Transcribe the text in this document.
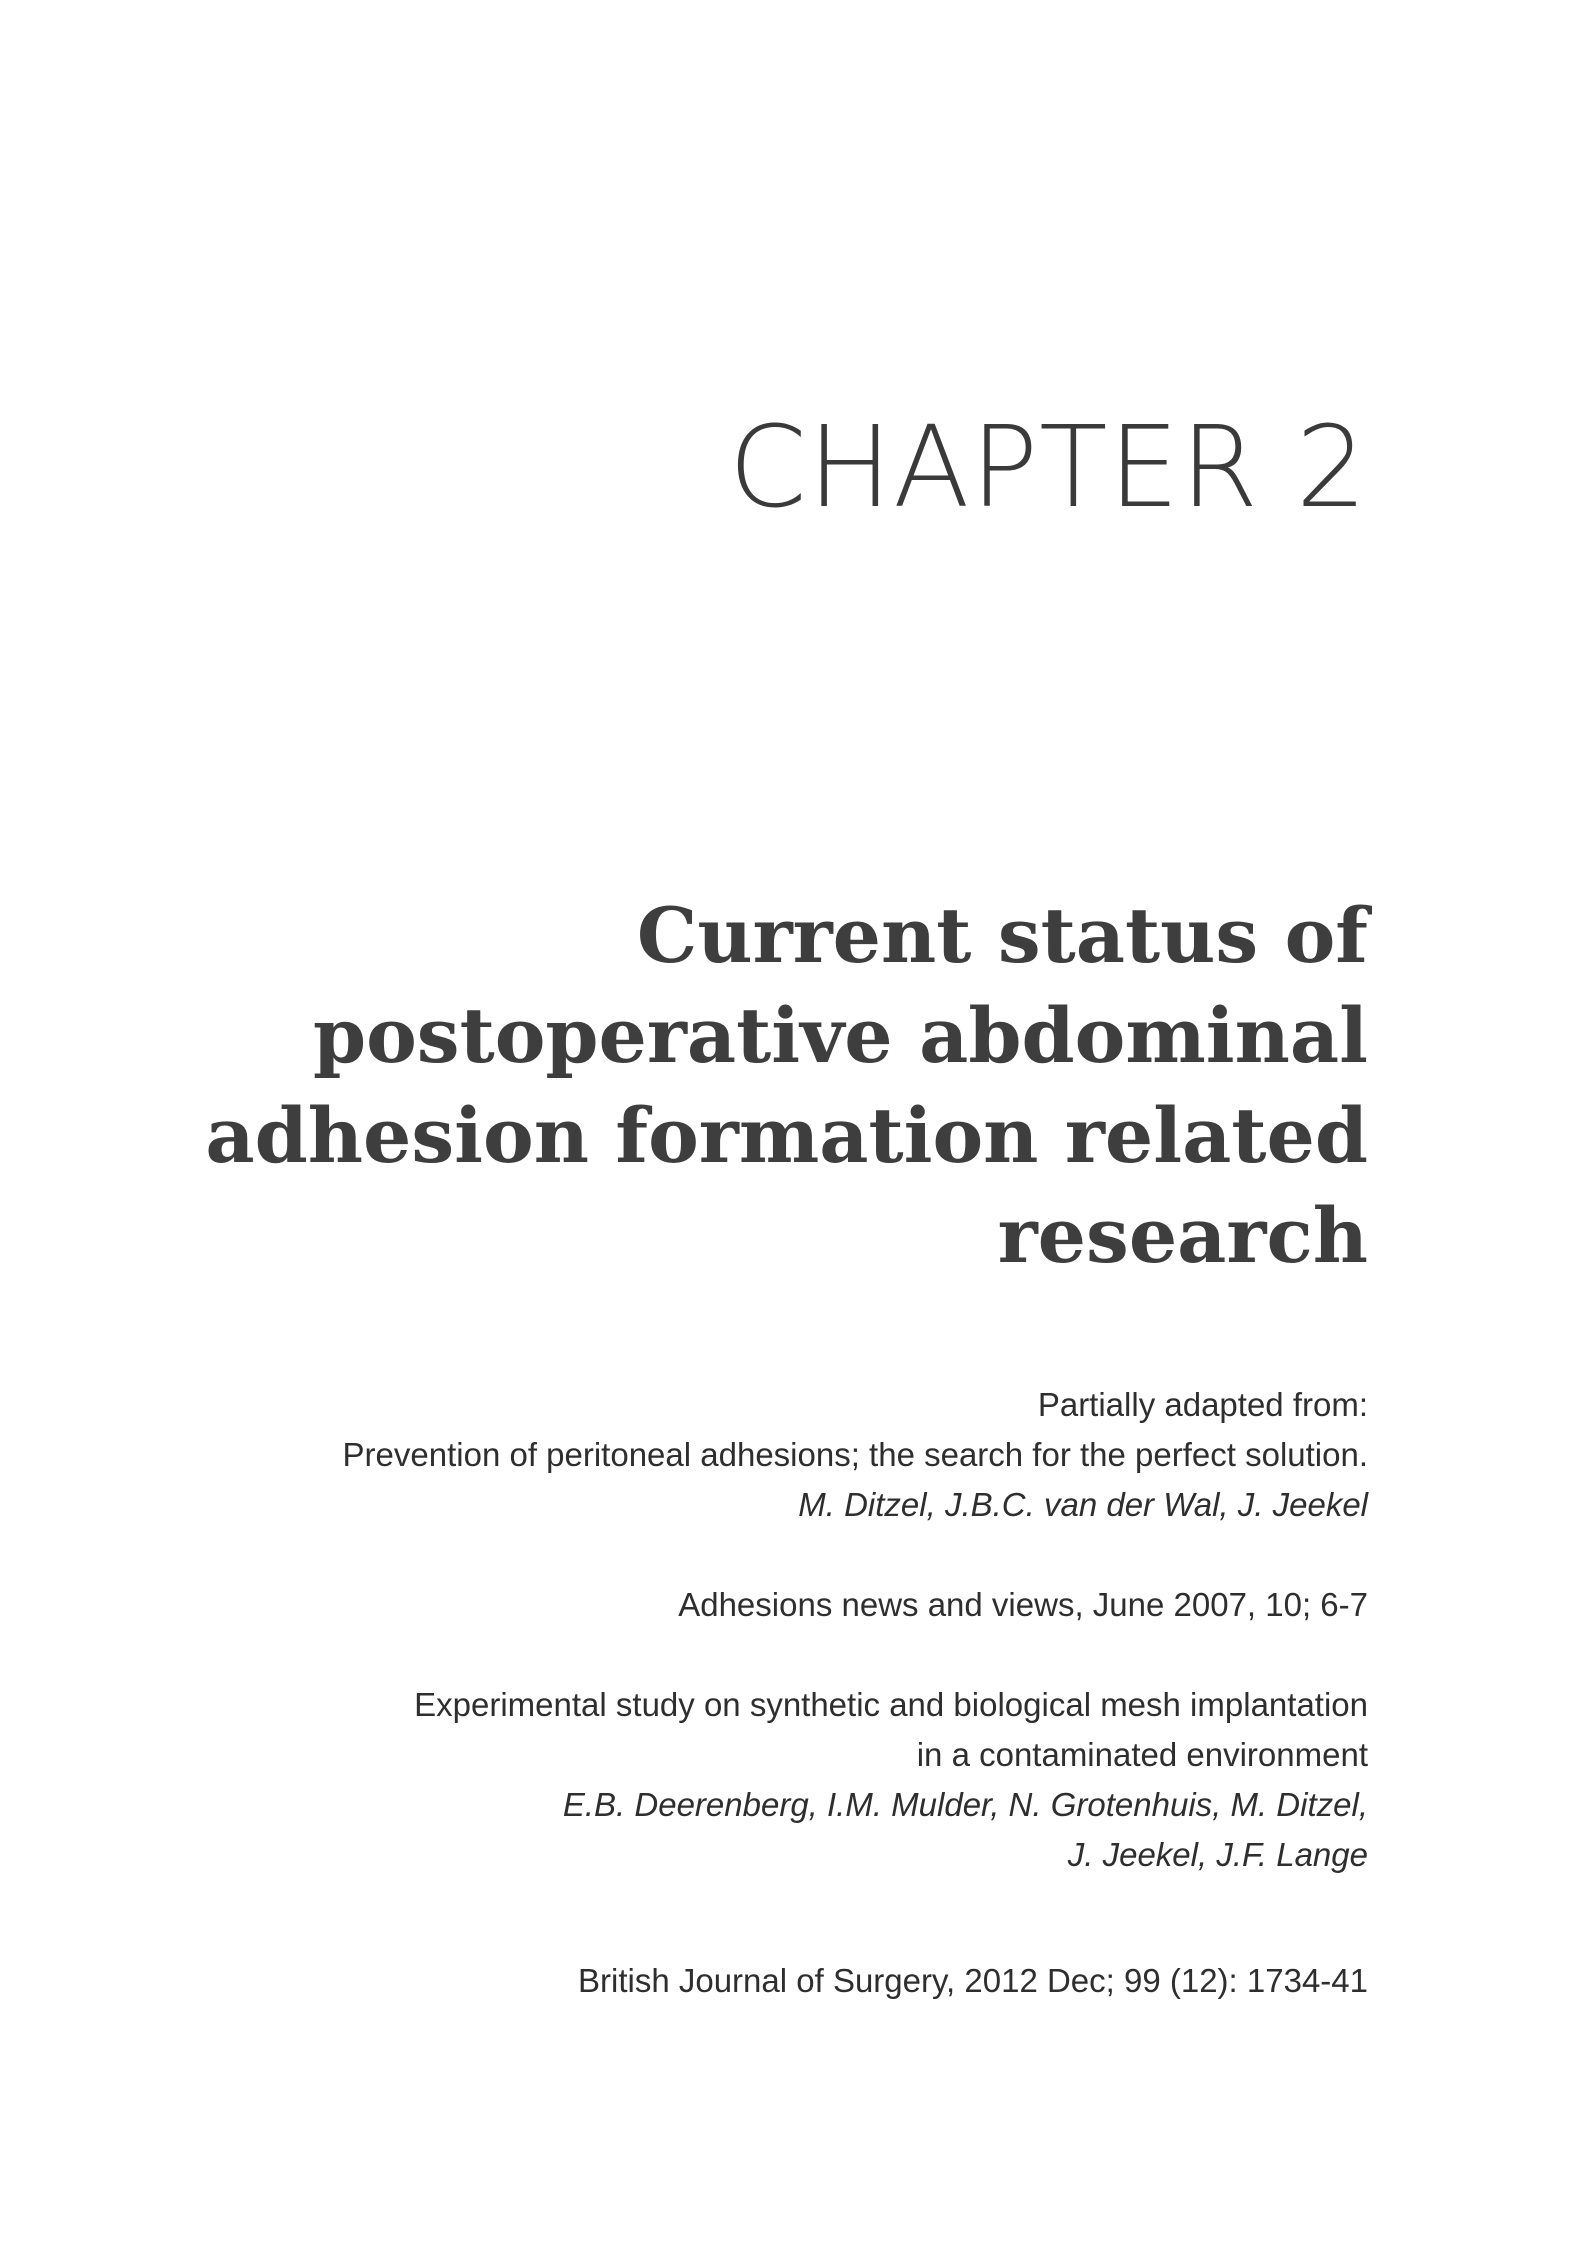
CHAPTER 2
Current status of
postoperative abdominal
adhesion formation related
research
Partially adapted from:
Prevention of peritoneal adhesions; the search for the perfect solution.
M. Ditzel, J.B.C. van der Wal, J. Jeekel
Adhesions news and views, June 2007, 10; 6-7
Experimental study on synthetic and biological mesh implantation
in a contaminated environment
E.B. Deerenberg, I.M. Mulder, N. Grotenhuis, M. Ditzel,
J. Jeekel, J.F. Lange
British Journal of Surgery, 2012 Dec; 99 (12): 1734-41
